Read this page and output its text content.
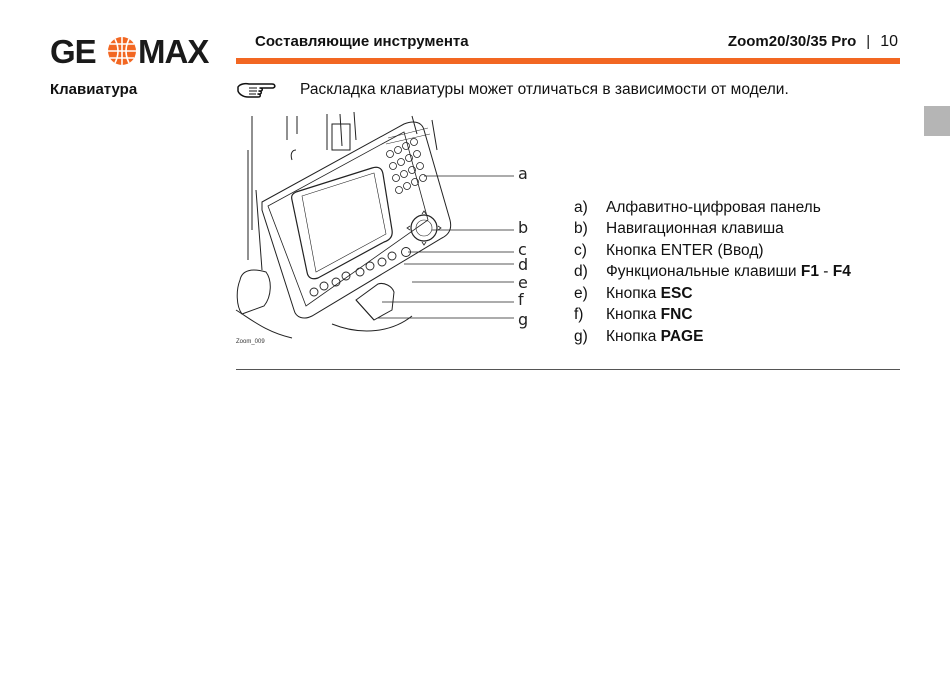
GE MAX	Составляющие инструмента	Zoom20/30/35 Pro | 10
Клавиатура	Раскладка клавиатуры может отличаться в зависимости от модели.
a
b
c
d
e
f
g
Zoom_009
a)	Алфавитно-цифровая панель
b)	Навигационная клавиша
c)	Кнопка ENTER (Ввод)
d)	Функциональные клавиши F1 - F4
e)	Кнопка ESC
f)	Кнопка FNC
g)	Кнопка PAGE
